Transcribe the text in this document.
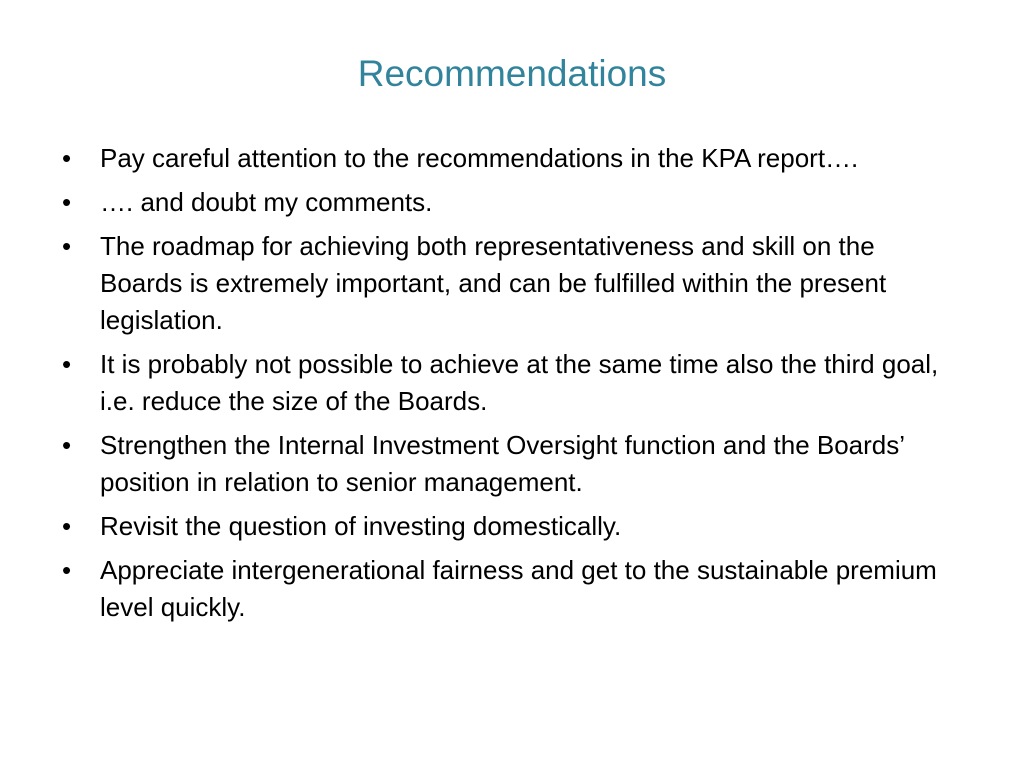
Recommendations
• Pay careful attention to the recommendations in the KPA report….
• …. and doubt my comments.
• The roadmap for achieving both representativeness and skill on the Boards is extremely important, and can be fulfilled within the present legislation.
• It is probably not possible to achieve at the same time also the third goal, i.e. reduce the size of the Boards.
• Strengthen the Internal Investment Oversight function and the Boards’ position in relation to senior management.
• Revisit the question of investing domestically.
• Appreciate intergenerational fairness and get to the sustainable premium level quickly.
